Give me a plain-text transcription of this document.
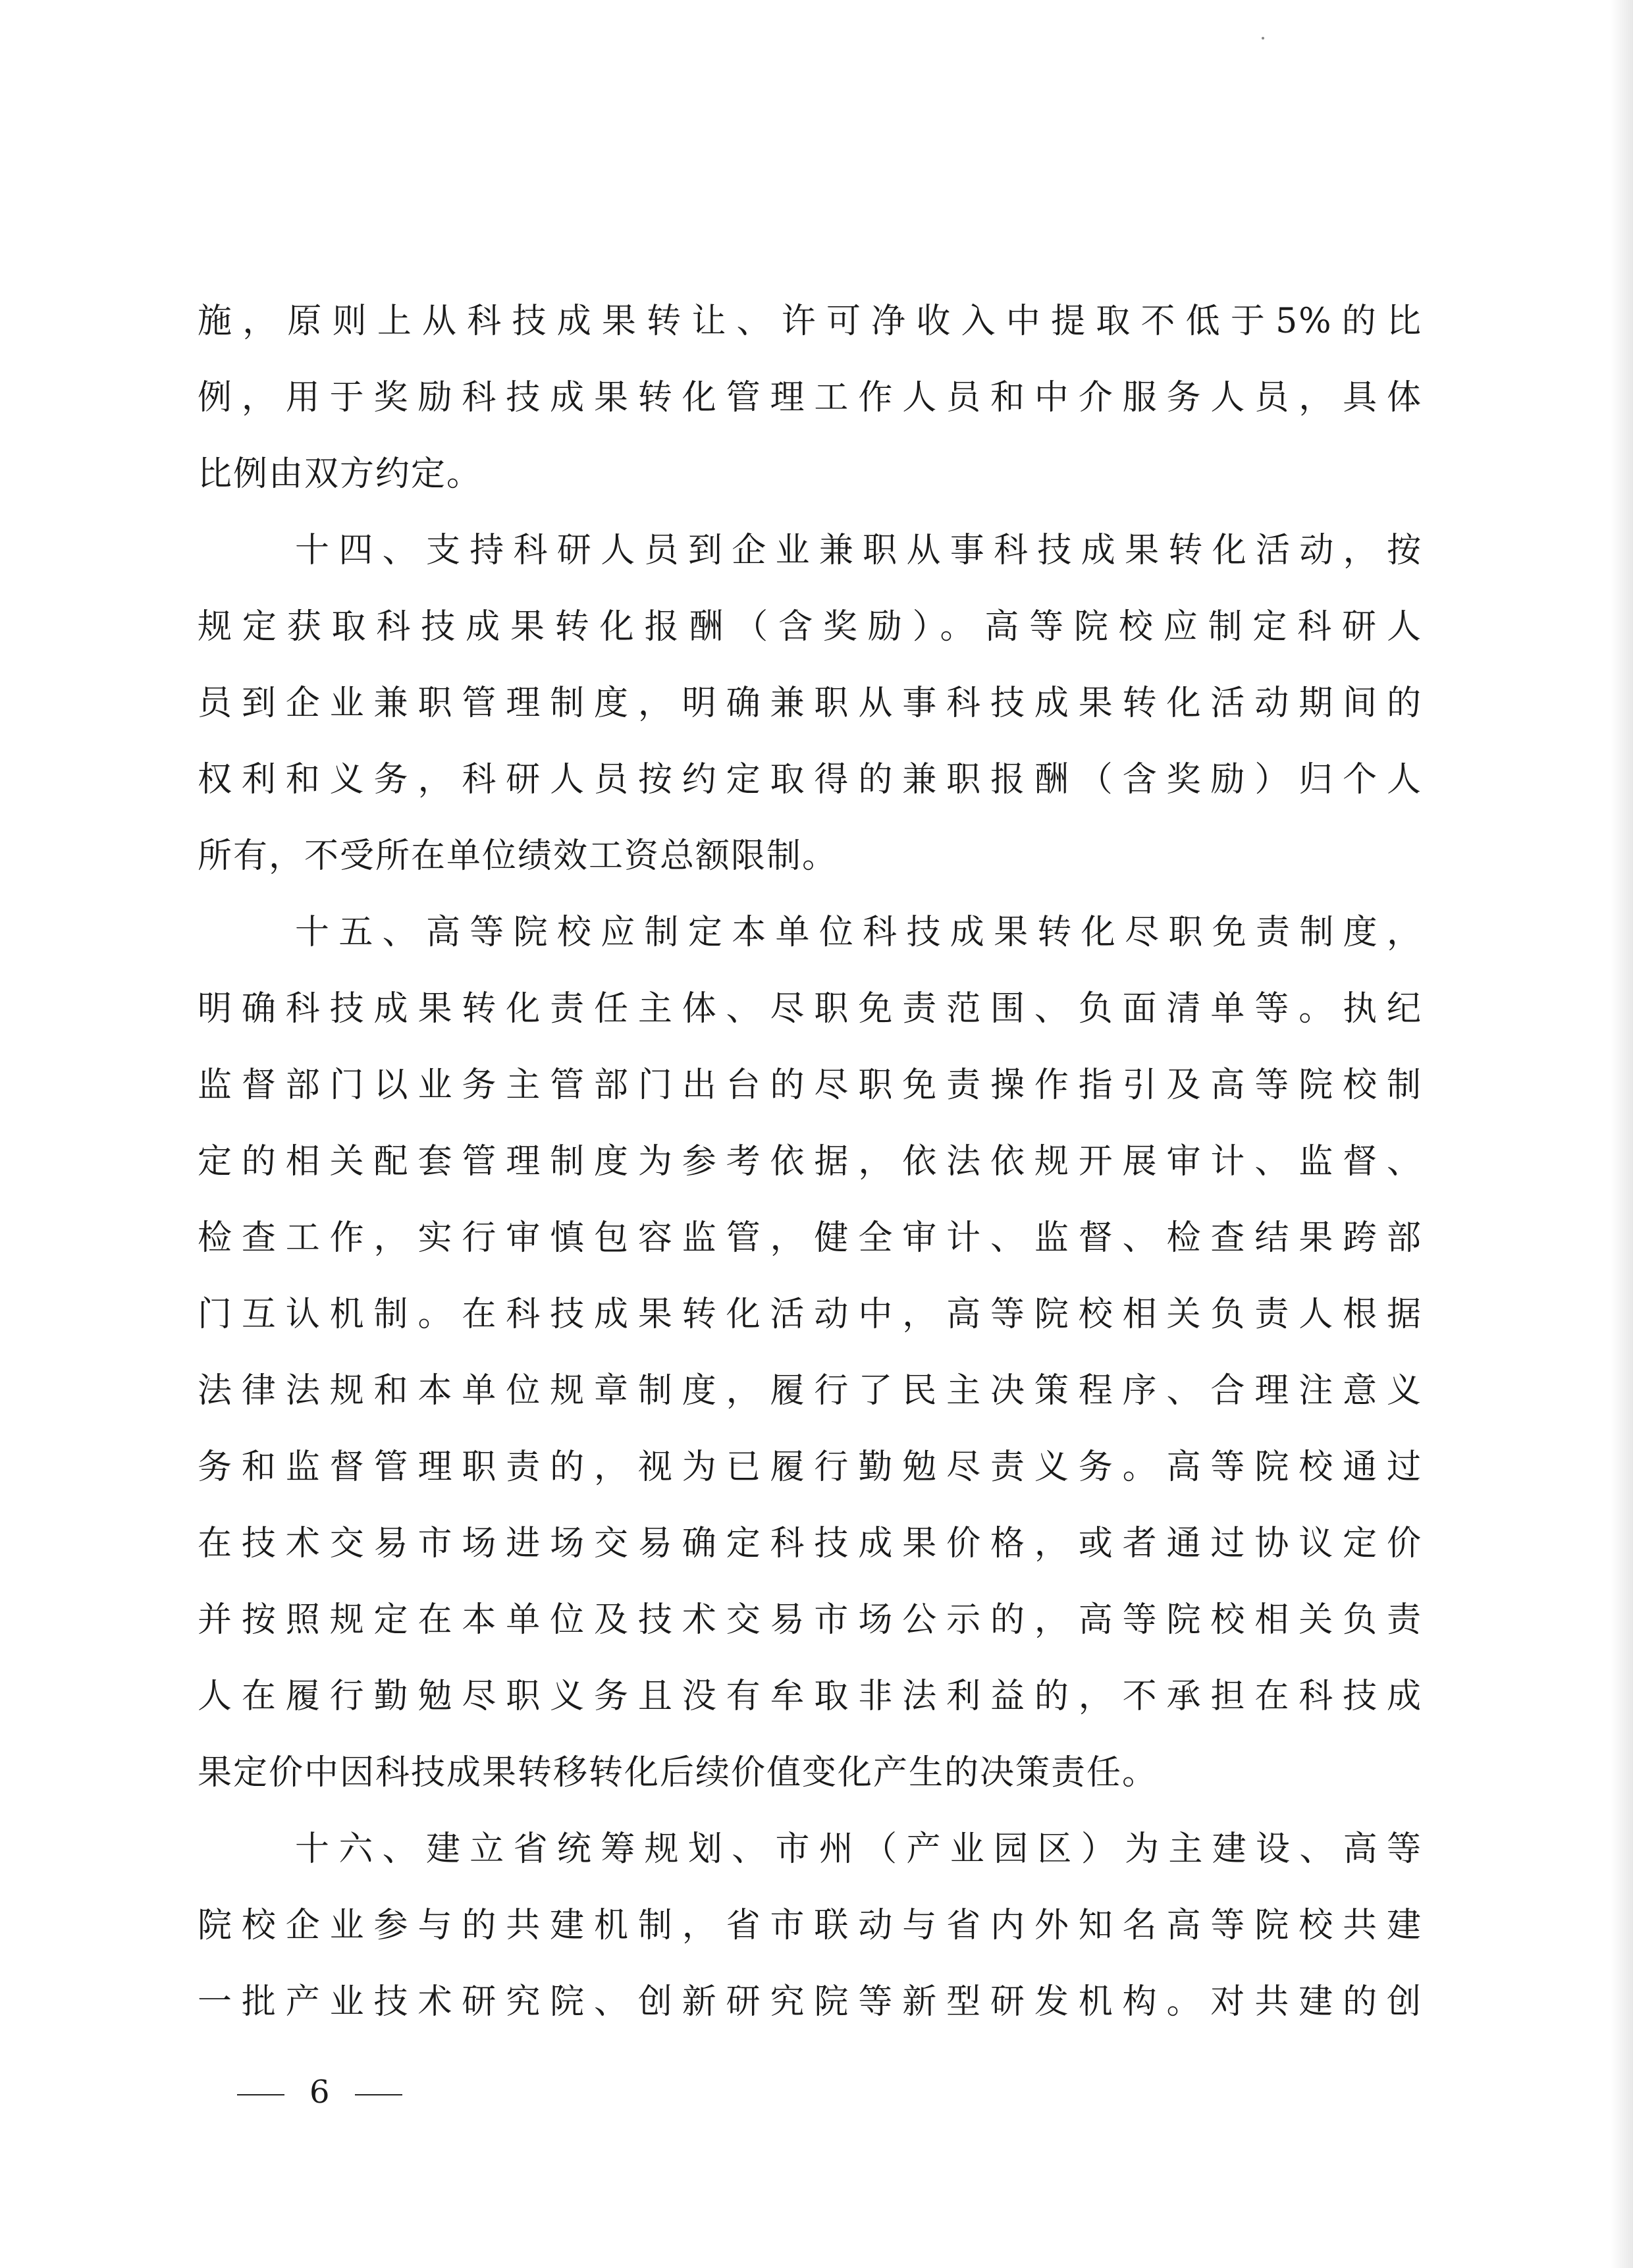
施，原则上从科技成果转让、许可净收入中提取不低于5%的比
例，用于奖励科技成果转化管理工作人员和中介服务人员，具体
比例由双方约定。
十四、支持科研人员到企业兼职从事科技成果转化活动，按
规定获取科技成果转化报酬（含奖励）。高等院校应制定科研人
员到企业兼职管理制度，明确兼职从事科技成果转化活动期间的
权利和义务，科研人员按约定取得的兼职报酬（含奖励）归个人
所有，不受所在单位绩效工资总额限制。
十五、高等院校应制定本单位科技成果转化尽职免责制度，
明确科技成果转化责任主体、尽职免责范围、负面清单等。执纪
监督部门以业务主管部门出台的尽职免责操作指引及高等院校制
定的相关配套管理制度为参考依据，依法依规开展审计、监督、
检查工作，实行审慎包容监管，健全审计、监督、检查结果跨部
门互认机制。在科技成果转化活动中，高等院校相关负责人根据
法律法规和本单位规章制度，履行了民主决策程序、合理注意义
务和监督管理职责的，视为已履行勤勉尽责义务。高等院校通过
在技术交易市场进场交易确定科技成果价格，或者通过协议定价
并按照规定在本单位及技术交易市场公示的，高等院校相关负责
人在履行勤勉尽职义务且没有牟取非法利益的，不承担在科技成
果定价中因科技成果转移转化后续价值变化产生的决策责任。
十六、建立省统筹规划、市州（产业园区）为主建设、高等
院校企业参与的共建机制，省市联动与省内外知名高等院校共建
一批产业技术研究院、创新研究院等新型研发机构。对共建的创
6
